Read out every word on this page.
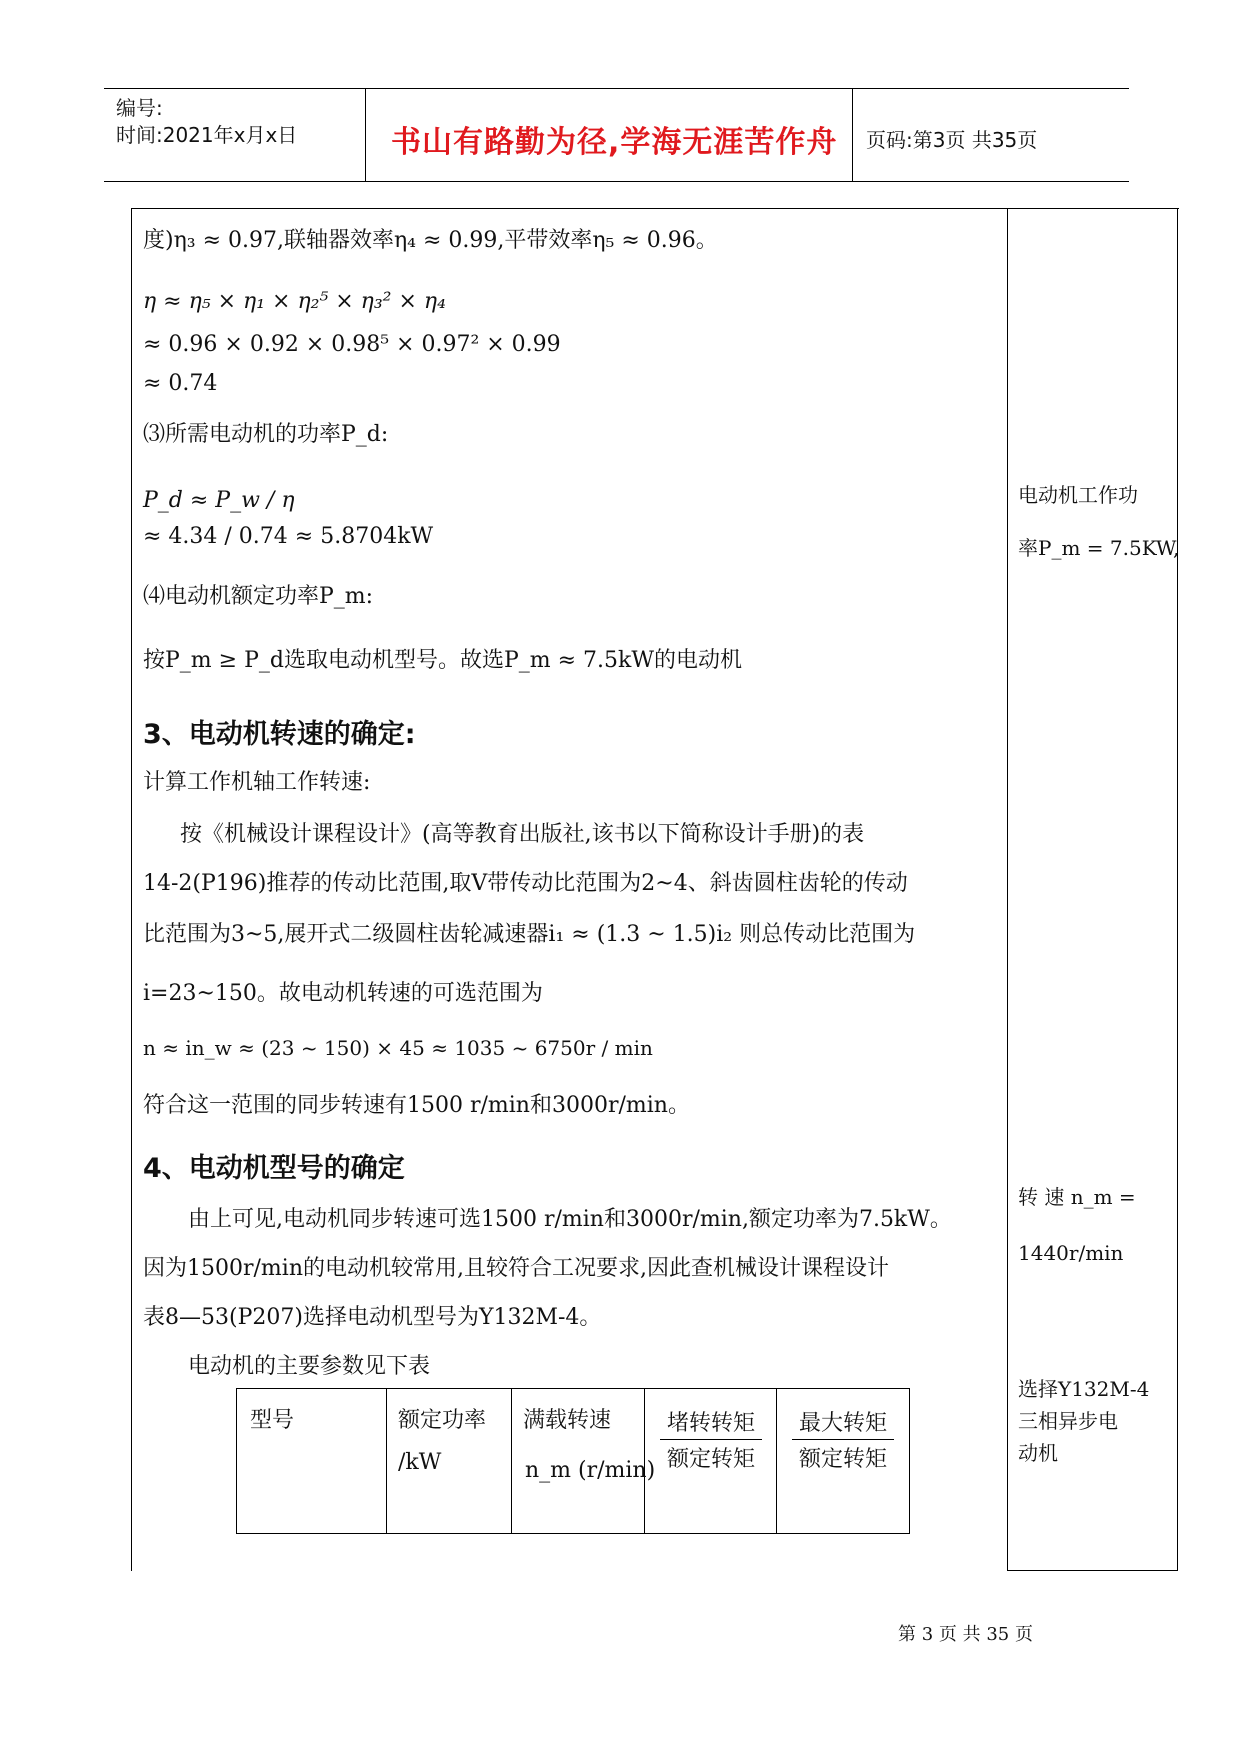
编号:
时间:2021年x月x日	书山有路勤为径,学海无涯苦作舟 页码:第3页 共35页
度)η₃ ≈ 0.97,联轴器效率η₄ ≈ 0.99,平带效率η₅ ≈ 0.96。
η ≈ η₅ × η₁ × η₂⁵ × η₃² × η₄
≈ 0.96 × 0.92 × 0.98⁵ × 0.97² × 0.99
≈ 0.74
⑶所需电动机的功率P_d:
P_d ≈ P_w / η
≈ 4.34 / 0.74 ≈ 5.8704kW
⑷电动机额定功率P_m:
按P_m ≥ P_d选取电动机型号。故选P_m ≈ 7.5kW的电动机
3、电动机转速的确定:
计算工作机轴工作转速:
按《机械设计课程设计》(高等教育出版社,该书以下简称设计手册)的表
14-2(P196)推荐的传动比范围,取V带传动比范围为2~4、斜齿圆柱齿轮的传动
比范围为3~5,展开式二级圆柱齿轮减速器i₁ ≈ (1.3 ~ 1.5)i₂ 则总传动比范围为
i=23~150。故电动机转速的可选范围为
n ≈ in_w ≈ (23 ~ 150) × 45 ≈ 1035 ~ 6750r / min
符合这一范围的同步转速有1500 r/min和3000r/min。
4、电动机型号的确定
由上可见,电动机同步转速可选1500 r/min和3000r/min,额定功率为7.5kW。
因为1500r/min的电动机较常用,且较符合工况要求,因此查机械设计课程设计
表8—53(P207)选择电动机型号为Y132M-4。
电动机的主要参数见下表
型号	额定功率
/kW
满载转速
n_m (r/min)
堵转转矩
额定转矩
最大转矩
额定转矩
电动机工作功
率P_m = 7.5KW,
转 速 n_m =
1440r/min
选择Y132M-4
三相异步电
动机
第 3 页 共 35 页
